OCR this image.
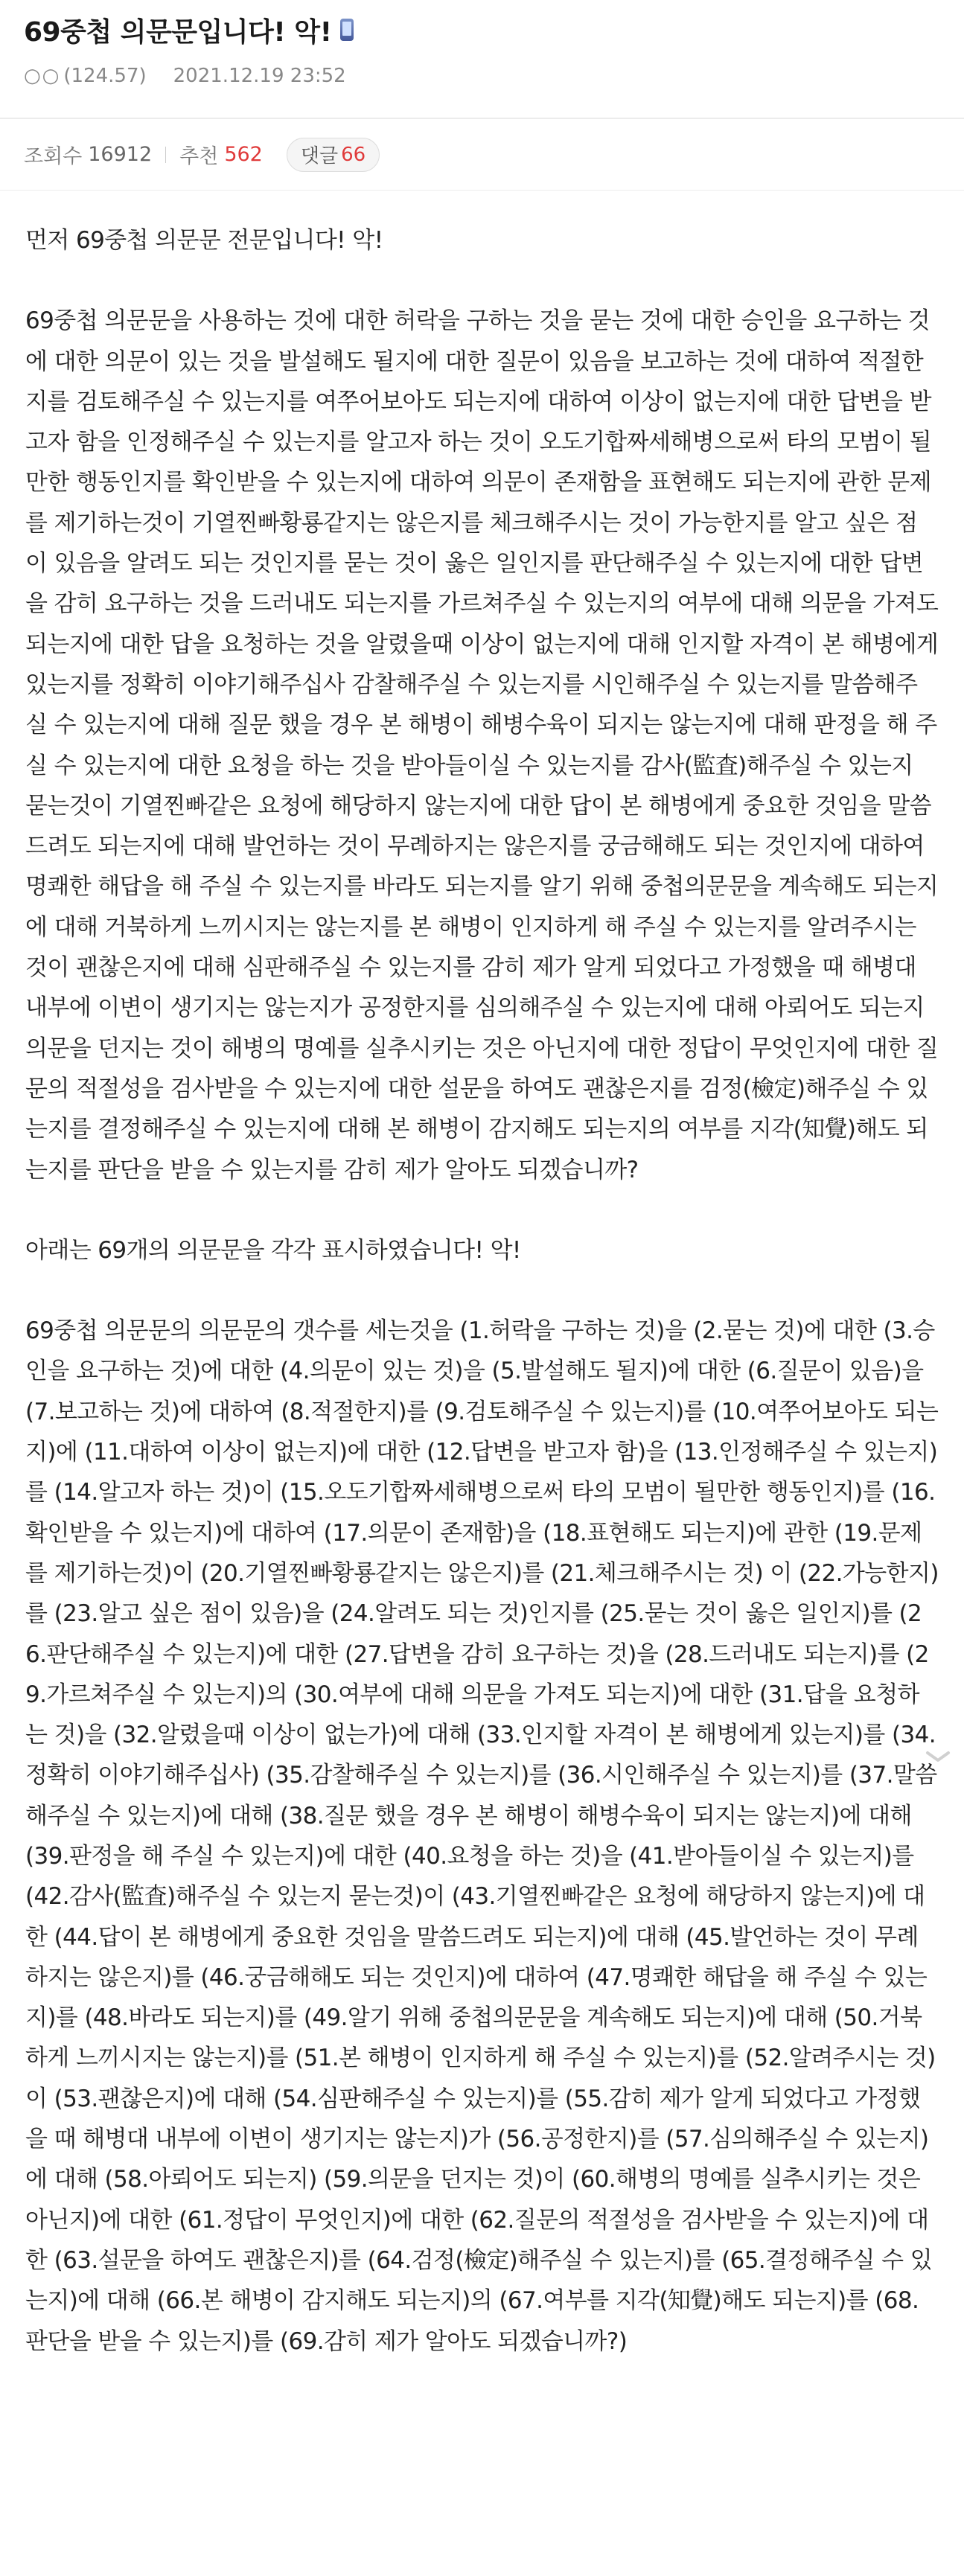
69중첩 의문문입니다! 악!
○○ (124.57) 2021.12.19 23:52
조회수 16912 추천 562 댓글 66

먼저 69중첩 의문문 전문입니다! 악!

69중첩 의문문을 사용하는 것에 대한 허락을 구하는 것을 묻는 것에 대한 승인을 요구하는 것에 대한 의문이 있는 것을 발설해도 될지에 대한 질문이 있음을 보고하는 것에 대하여 적절한지를 검토해주실 수 있는지를 여쭈어보아도 되는지에 대하여 이상이 없는지에 대한 답변을 받고자 함을 인정해주실 수 있는지를 알고자 하는 것이 오도기합짜세해병으로써 타의 모범이 될만한 행동인지를 확인받을 수 있는지에 대하여 의문이 존재함을 표현해도 되는지에 관한 문제를 제기하는것이 기열찐빠황룡같지는 않은지를 체크해주시는 것이 가능한지를 알고 싶은 점이 있음을 알려도 되는 것인지를 묻는 것이 옳은 일인지를 판단해주실 수 있는지에 대한 답변을 감히 요구하는 것을 드러내도 되는지를 가르쳐주실 수 있는지의 여부에 대해 의문을 가져도 되는지에 대한 답을 요청하는 것을 알렸을때 이상이 없는지에 대해 인지할 자격이 본 해병에게 있는지를 정확히 이야기해주십사 감찰해주실 수 있는지를 시인해주실 수 있는지를 말씀해주실 수 있는지에 대해 질문 했을 경우 본 해병이 해병수육이 되지는 않는지에 대해 판정을 해 주실 수 있는지에 대한 요청을 하는 것을 받아들이실 수 있는지를 감사(監査)해주실 수 있는지 묻는것이 기열찐빠같은 요청에 해당하지 않는지에 대한 답이 본 해병에게 중요한 것임을 말씀드려도 되는지에 대해 발언하는 것이 무례하지는 않은지를 궁금해해도 되는 것인지에 대하여 명쾌한 해답을 해 주실 수 있는지를 바라도 되는지를 알기 위해 중첩의문문을 계속해도 되는지에 대해 거북하게 느끼시지는 않는지를 본 해병이 인지하게 해 주실 수 있는지를 알려주시는 것이 괜찮은지에 대해 심판해주실 수 있는지를 감히 제가 알게 되었다고 가정했을 때 해병대 내부에 이변이 생기지는 않는지가 공정한지를 심의해주실 수 있는지에 대해 아뢰어도 되는지 의문을 던지는 것이 해병의 명예를 실추시키는 것은 아닌지에 대한 정답이 무엇인지에 대한 질문의 적절성을 검사받을 수 있는지에 대한 설문을 하여도 괜찮은지를 검정(檢定)해주실 수 있는지를 결정해주실 수 있는지에 대해 본 해병이 감지해도 되는지의 여부를 지각(知覺)해도 되는지를 판단을 받을 수 있는지를 감히 제가 알아도 되겠습니까?

아래는 69개의 의문문을 각각 표시하였습니다! 악!

69중첩 의문문의 의문문의 갯수를 세는것을 (1.허락을 구하는 것)을 (2.묻는 것)에 대한 (3.승인을 요구하는 것)에 대한 (4.의문이 있는 것)을 (5.발설해도 될지)에 대한 (6.질문이 있음)을 (7.보고하는 것)에 대하여 (8.적절한지)를 (9.검토해주실 수 있는지)를 (10.여쭈어보아도 되는지)에 (11.대하여 이상이 없는지)에 대한 (12.답변을 받고자 함)을 (13.인정해주실 수 있는지)를 (14.알고자 하는 것)이 (15.오도기합짜세해병으로써 타의 모범이 될만한 행동인지)를 (16.확인받을 수 있는지)에 대하여 (17.의문이 존재함)을 (18.표현해도 되는지)에 관한 (19.문제를 제기하는것)이 (20.기열찐빠황룡같지는 않은지)를 (21.체크해주시는 것) 이 (22.가능한지)를 (23.알고 싶은 점이 있음)을 (24.알려도 되는 것)인지를 (25.묻는 것이 옳은 일인지)를 (26.판단해주실 수 있는지)에 대한 (27.답변을 감히 요구하는 것)을 (28.드러내도 되는지)를 (29.가르쳐주실 수 있는지)의 (30.여부에 대해 의문을 가져도 되는지)에 대한 (31.답을 요청하는 것)을 (32.알렸을때 이상이 없는가)에 대해 (33.인지할 자격이 본 해병에게 있는지)를 (34.정확히 이야기해주십사) (35.감찰해주실 수 있는지)를 (36.시인해주실 수 있는지)를 (37.말씀해주실 수 있는지)에 대해 (38.질문 했을 경우 본 해병이 해병수육이 되지는 않는지)에 대해 (39.판정을 해 주실 수 있는지)에 대한 (40.요청을 하는 것)을 (41.받아들이실 수 있는지)를 (42.감사(監査)해주실 수 있는지 묻는것)이 (43.기열찐빠같은 요청에 해당하지 않는지)에 대한 (44.답이 본 해병에게 중요한 것임을 말씀드려도 되는지)에 대해 (45.발언하는 것이 무례하지는 않은지)를 (46.궁금해해도 되는 것인지)에 대하여 (47.명쾌한 해답을 해 주실 수 있는지)를 (48.바라도 되는지)를 (49.알기 위해 중첩의문문을 계속해도 되는지)에 대해 (50.거북하게 느끼시지는 않는지)를 (51.본 해병이 인지하게 해 주실 수 있는지)를 (52.알려주시는 것)이 (53.괜찮은지)에 대해 (54.심판해주실 수 있는지)를 (55.감히 제가 알게 되었다고 가정했을 때 해병대 내부에 이변이 생기지는 않는지)가 (56.공정한지)를 (57.심의해주실 수 있는지)에 대해 (58.아뢰어도 되는지) (59.의문을 던지는 것)이 (60.해병의 명예를 실추시키는 것은 아닌지)에 대한 (61.정답이 무엇인지)에 대한 (62.질문의 적절성을 검사받을 수 있는지)에 대한 (63.설문을 하여도 괜찮은지)를 (64.검정(檢定)해주실 수 있는지)를 (65.결정해주실 수 있는지)에 대해 (66.본 해병이 감지해도 되는지)의 (67.여부를 지각(知覺)해도 되는지)를 (68.판단을 받을 수 있는지)를 (69.감히 제가 알아도 되겠습니까?)
